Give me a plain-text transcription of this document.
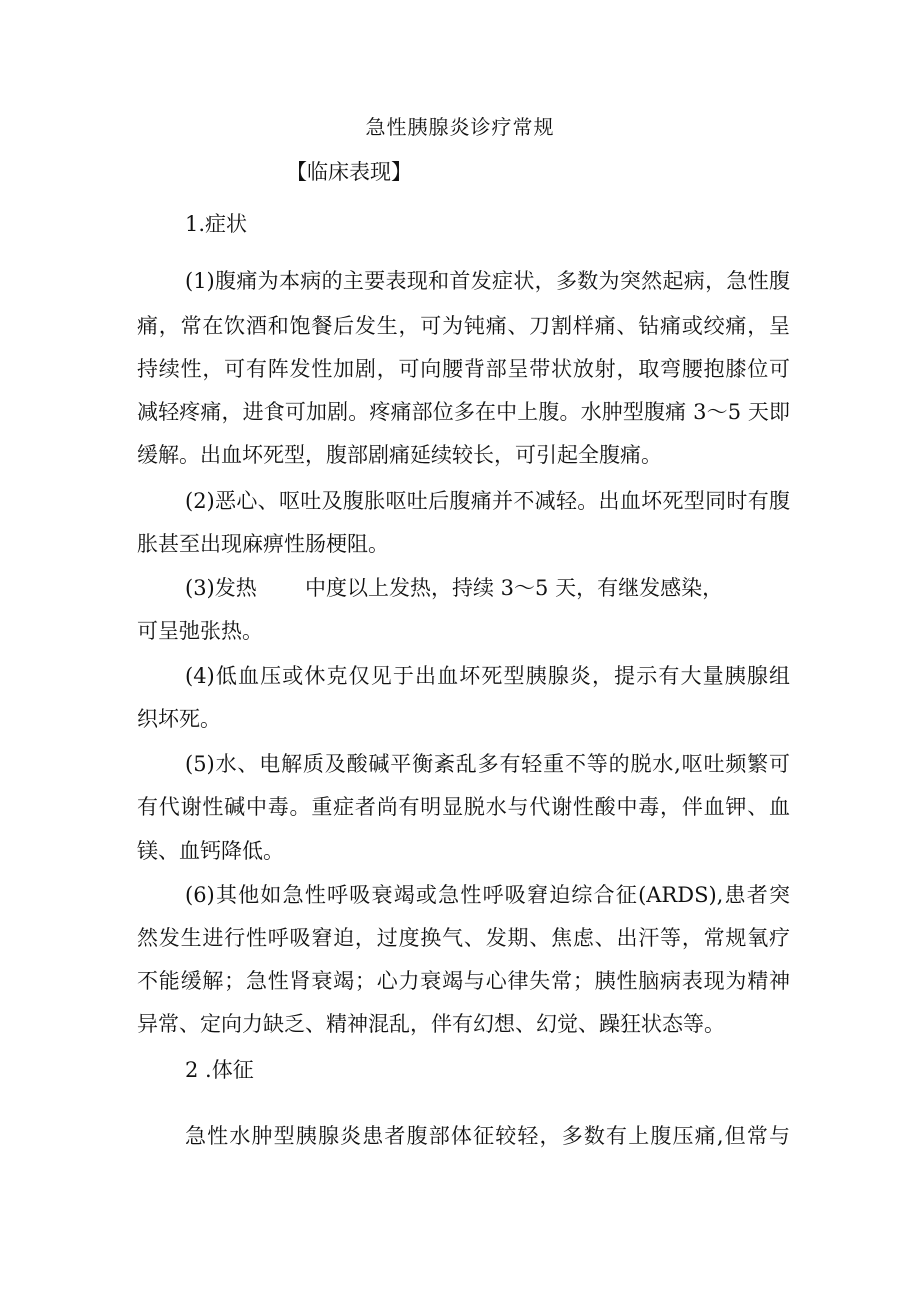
急性胰腺炎诊疗常规
【临床表现】
1.症状
(1)腹痛为本病的主要表现和首发症状，多数为突然起病，急性腹
痛，常在饮酒和饱餐后发生，可为钝痛、刀割样痛、钻痛或绞痛，呈
持续性，可有阵发性加剧，可向腰背部呈带状放射，取弯腰抱膝位可
减轻疼痛，进食可加剧。疼痛部位多在中上腹。水肿型腹痛 3～5 天即
缓解。出血坏死型，腹部剧痛延续较长，可引起全腹痛。
(2)恶心、呕吐及腹胀呕吐后腹痛并不减轻。出血坏死型同时有腹
胀甚至出现麻痹性肠梗阻。
(3)发热 中度以上发热，持续 3～5 天，有继发感染，
可呈弛张热。
(4)低血压或休克仅见于出血坏死型胰腺炎，提示有大量胰腺组
织坏死。
(5)水、电解质及酸碱平衡紊乱多有轻重不等的脱水,呕吐频繁可
有代谢性碱中毒。重症者尚有明显脱水与代谢性酸中毒，伴血钾、血
镁、血钙降低。
(6)其他如急性呼吸衰竭或急性呼吸窘迫综合征(ARDS),患者突
然发生进行性呼吸窘迫，过度换气、发期、焦虑、出汗等，常规氧疗
不能缓解；急性肾衰竭；心力衰竭与心律失常；胰性脑病表现为精神
异常、定向力缺乏、精神混乱，伴有幻想、幻觉、躁狂状态等。
2 .体征
急性水肿型胰腺炎患者腹部体征较轻，多数有上腹压痛,但常与
